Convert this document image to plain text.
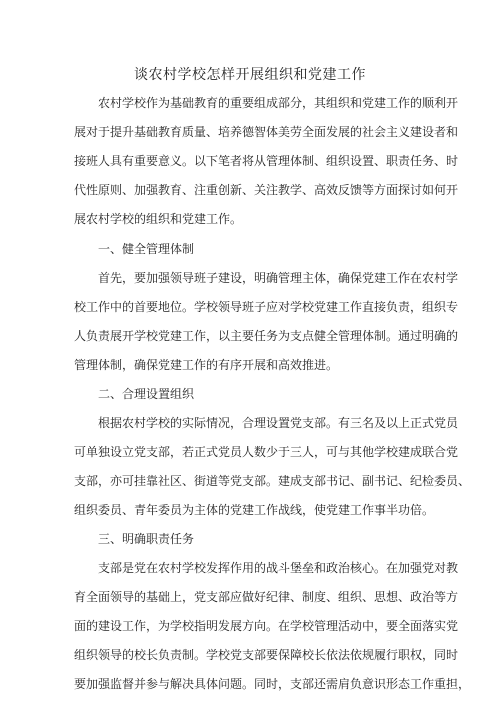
谈农村学校怎样开展组织和党建工作
农村学校作为基础教育的重要组成部分，其组织和党建工作的顺利开
展对于提升基础教育质量、培养德智体美劳全面发展的社会主义建设者和
接班人具有重要意义。以下笔者将从管理体制、组织设置、职责任务、时
代性原则、加强教育、注重创新、关注教学、高效反馈等方面探讨如何开
展农村学校的组织和党建工作。
一、健全管理体制
首先，要加强领导班子建设，明确管理主体，确保党建工作在农村学
校工作中的首要地位。学校领导班子应对学校党建工作直接负责，组织专
人负责展开学校党建工作，以主要任务为支点健全管理体制。通过明确的
管理体制，确保党建工作的有序开展和高效推进。
二、合理设置组织
根据农村学校的实际情况，合理设置党支部。有三名及以上正式党员
可单独设立党支部，若正式党员人数少于三人，可与其他学校建成联合党
支部，亦可挂靠社区、街道等党支部。建成支部书记、副书记、纪检委员、
组织委员、青年委员为主体的党建工作战线，使党建工作事半功倍。
三、明确职责任务
支部是党在农村学校发挥作用的战斗堡垒和政治核心。在加强党对教
育全面领导的基础上，党支部应做好纪律、制度、组织、思想、政治等方
面的建设工作，为学校指明发展方向。在学校管理活动中，要全面落实党
组织领导的校长负责制。学校党支部要保障校长依法依规履行职权，同时
要加强监督并参与解决具体问题。同时，支部还需肩负意识形态工作重担，
